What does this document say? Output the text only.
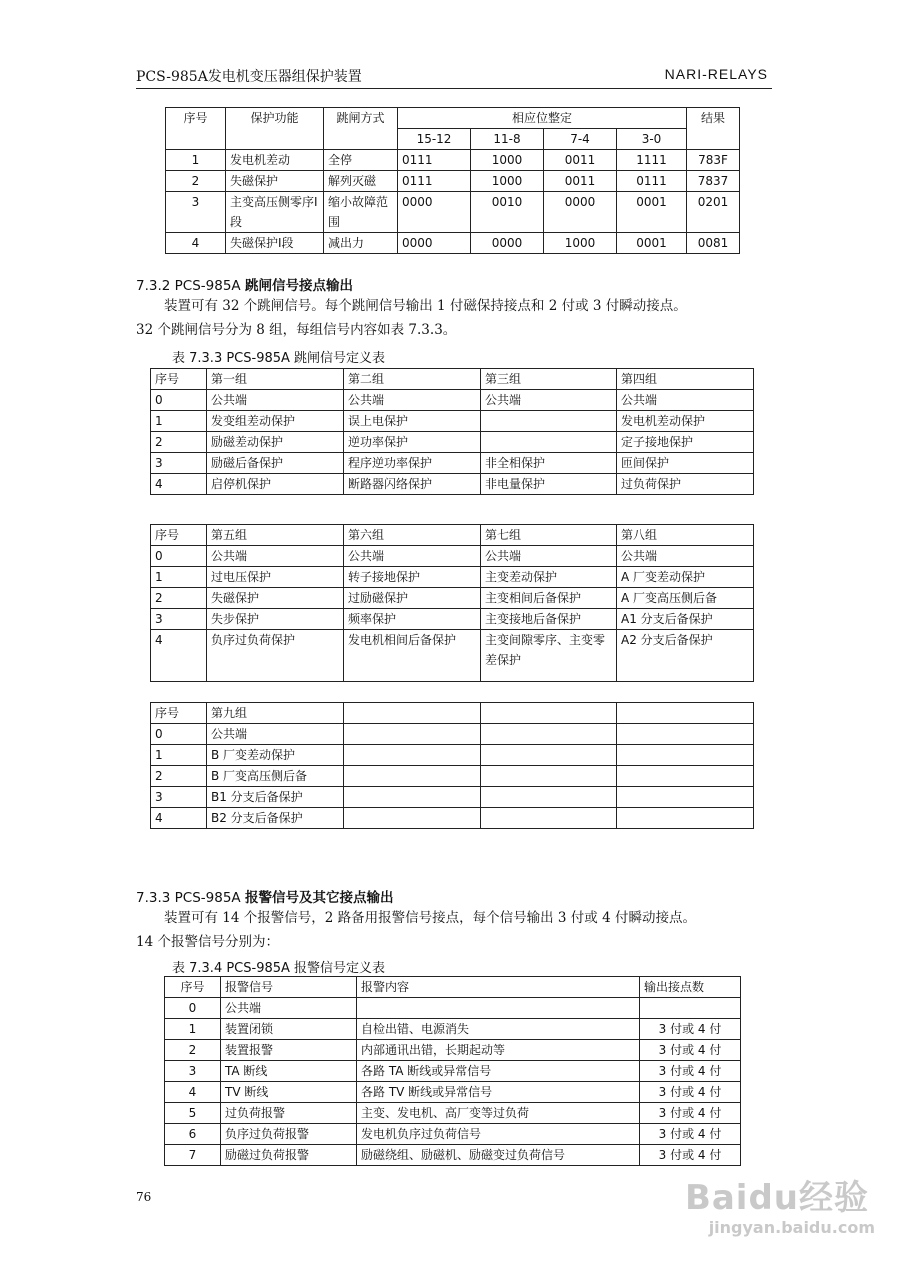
PCS-985A发电机变压器组保护装置	NARI-RELAYS
序号	保护功能	跳闸方式	相应位整定				结果
			15-12	11-8	7-4	3-0	
1	发电机差动	全停	0111	1000	0011	1111	783F
2	失磁保护	解列灭磁	0111	1000	0011	0111	7837
3	主变高压侧零序Ⅰ段	缩小故障范围	0000	0010	0000	0001	0201
4	失磁保护Ⅰ段	减出力	0000	0000	1000	0001	0081
7.3.2 PCS-985A 跳闸信号接点输出
装置可有 32 个跳闸信号。每个跳闸信号输出 1 付磁保持接点和 2 付或 3 付瞬动接点。
32 个跳闸信号分为 8 组，每组信号内容如表 7.3.3。
表 7.3.3 PCS-985A 跳闸信号定义表
序号	第一组	第二组	第三组	第四组
0	公共端	公共端	公共端	公共端
1	发变组差动保护	误上电保护		发电机差动保护
2	励磁差动保护	逆功率保护		定子接地保护
3	励磁后备保护	程序逆功率保护	非全相保护	匝间保护
4	启停机保护	断路器闪络保护	非电量保护	过负荷保护
序号	第五组	第六组	第七组	第八组
0	公共端	公共端	公共端	公共端
1	过电压保护	转子接地保护	主变差动保护	A 厂变差动保护
2	失磁保护	过励磁保护	主变相间后备保护	A 厂变高压侧后备
3	失步保护	频率保护	主变接地后备保护	A1 分支后备保护
4	负序过负荷保护	发电机相间后备保护	主变间隙零序、主变零差保护	A2 分支后备保护
序号	第九组			
0	公共端			
1	B 厂变差动保护			
2	B 厂变高压侧后备			
3	B1 分支后备保护			
4	B2 分支后备保护			
7.3.3 PCS-985A 报警信号及其它接点输出
装置可有 14 个报警信号，2 路备用报警信号接点，每个信号输出 3 付或 4 付瞬动接点。
14 个报警信号分别为：
表 7.3.4 PCS-985A 报警信号定义表
序号	报警信号	报警内容	输出接点数
0	公共端		
1	装置闭锁	自检出错、电源消失	3 付或 4 付
2	装置报警	内部通讯出错，长期起动等	3 付或 4 付
3	TA 断线	各路 TA 断线或异常信号	3 付或 4 付
4	TV 断线	各路 TV 断线或异常信号	3 付或 4 付
5	过负荷报警	主变、发电机、高厂变等过负荷	3 付或 4 付
6	负序过负荷报警	发电机负序过负荷信号	3 付或 4 付
7	励磁过负荷报警	励磁绕组、励磁机、励磁变过负荷信号	3 付或 4 付
76	Baidu经验
jingyan.baidu.com
